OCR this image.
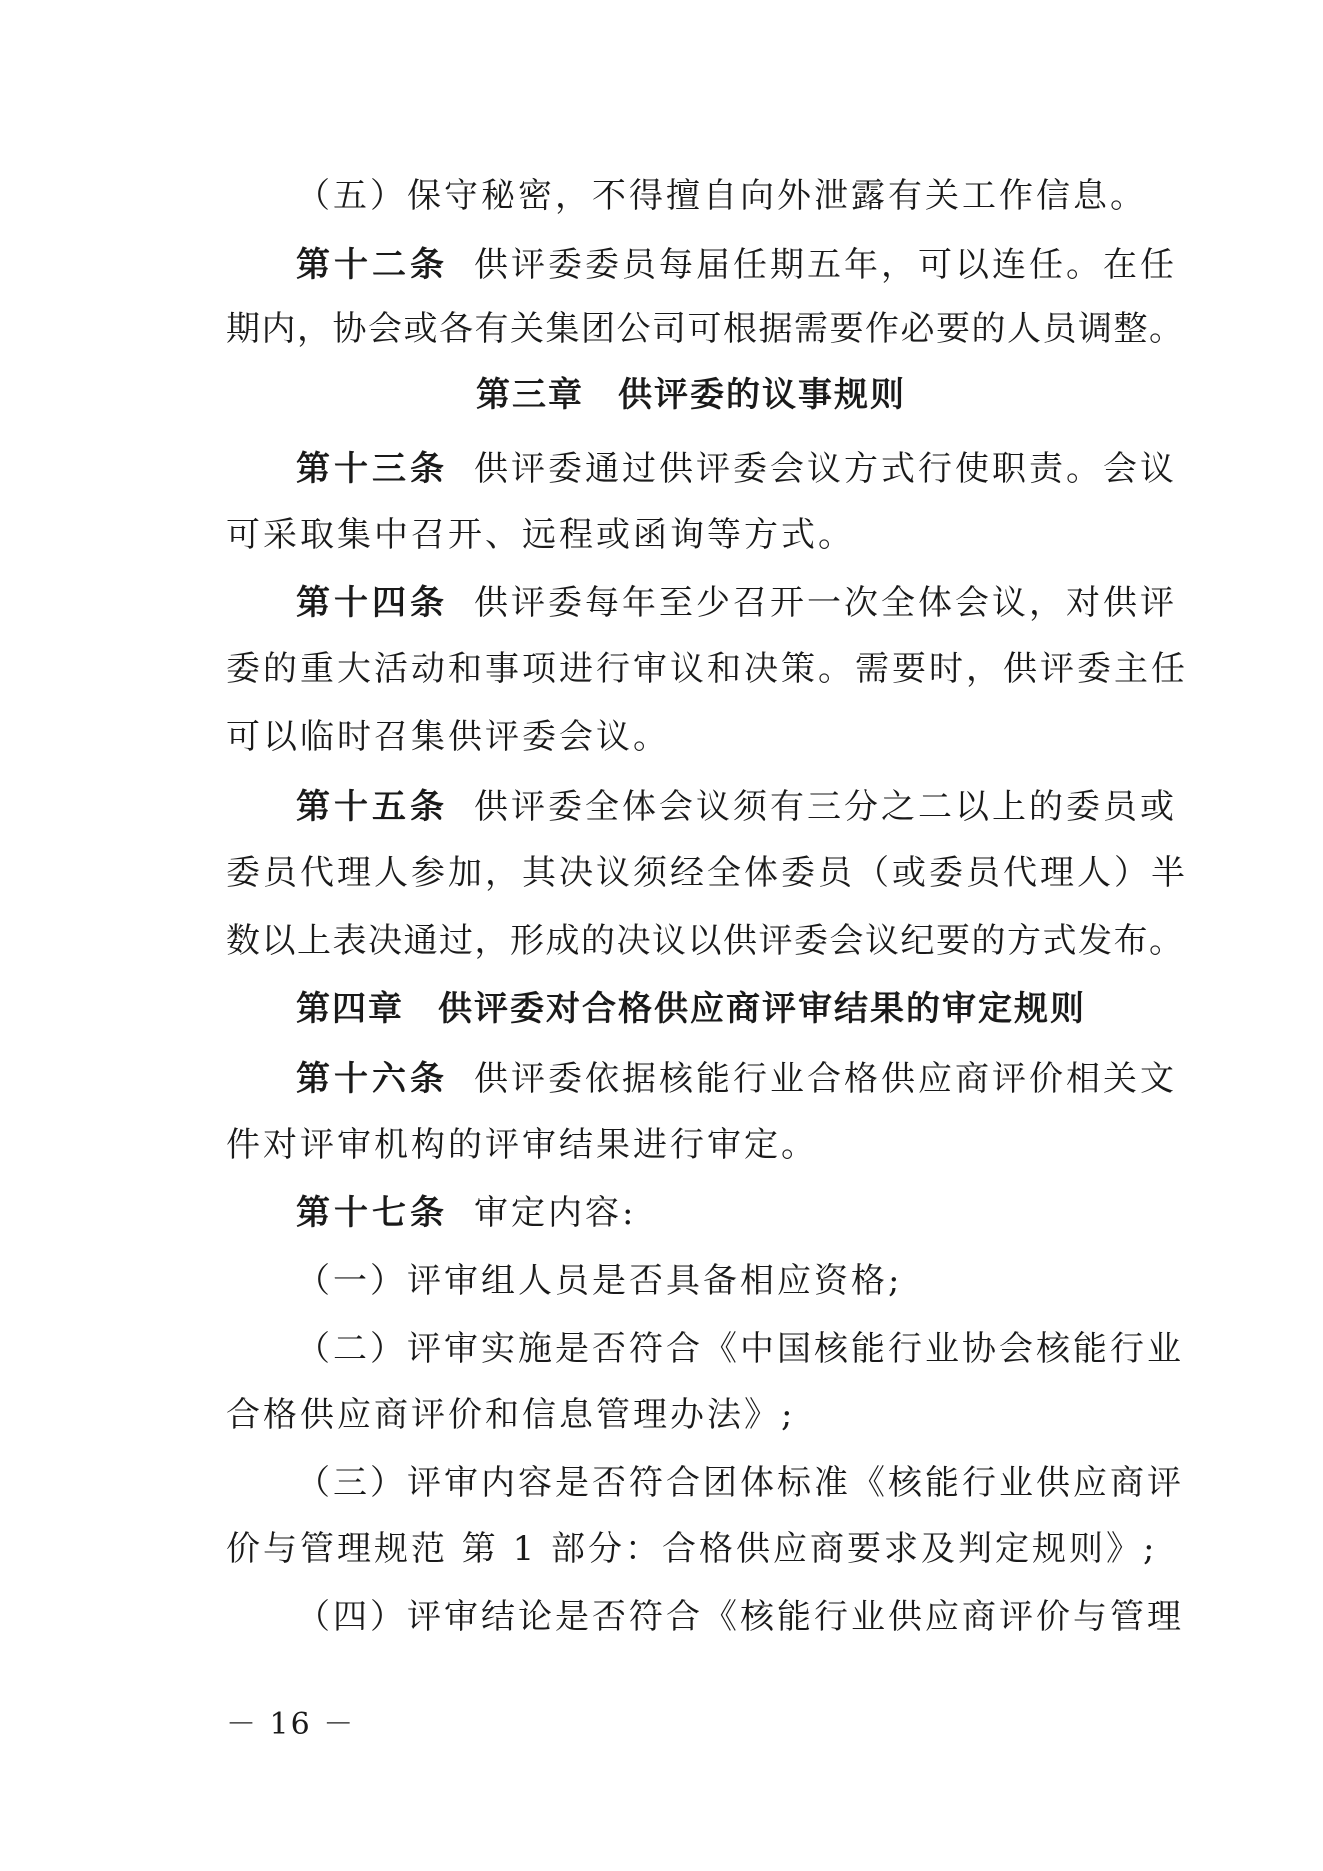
（五）保守秘密，不得擅自向外泄露有关工作信息。
第十二条 供评委委员每届任期五年，可以连任。在任
期内，协会或各有关集团公司可根据需要作必要的人员调整。
第三章 供评委的议事规则
第十三条 供评委通过供评委会议方式行使职责。会议
可采取集中召开、远程或函询等方式。
第十四条 供评委每年至少召开一次全体会议，对供评
委的重大活动和事项进行审议和决策。需要时，供评委主任
可以临时召集供评委会议。
第十五条 供评委全体会议须有三分之二以上的委员或
委员代理人参加，其决议须经全体委员（或委员代理人）半
数以上表决通过，形成的决议以供评委会议纪要的方式发布。
第四章 供评委对合格供应商评审结果的审定规则
第十六条 供评委依据核能行业合格供应商评价相关文
件对评审机构的评审结果进行审定。
第十七条 审定内容:
（一）评审组人员是否具备相应资格;
（二）评审实施是否符合《中国核能行业协会核能行业
合格供应商评价和信息管理办法》;
（三）评审内容是否符合团体标准《核能行业供应商评
价与管理规范 第 1 部分：合格供应商要求及判定规则》;
（四）评审结论是否符合《核能行业供应商评价与管理
－ 16 －
